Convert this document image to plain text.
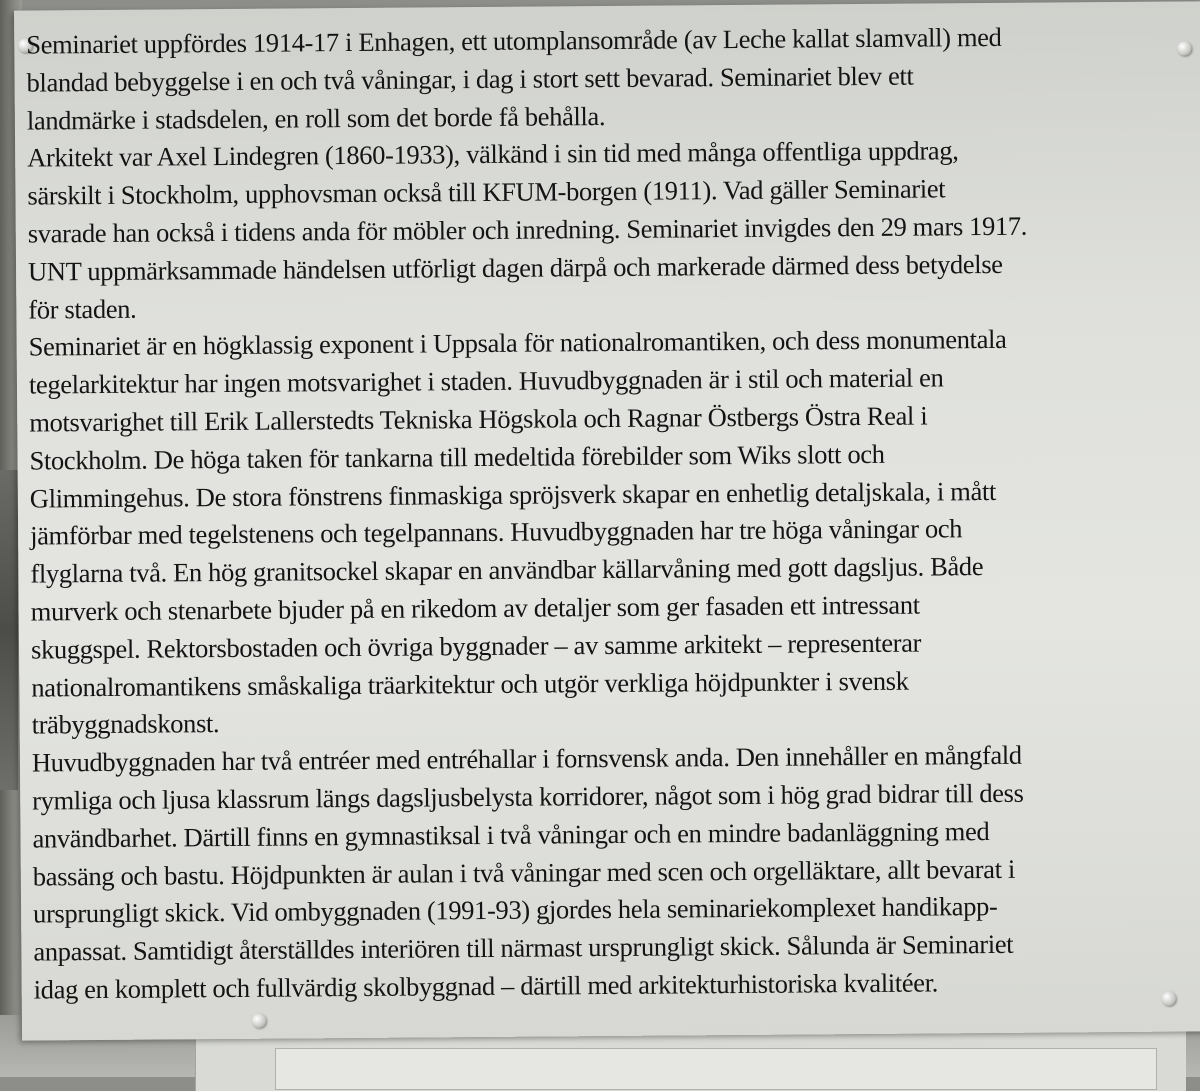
Seminariet uppfördes 1914-17 i Enhagen, ett utomplansområde (av Leche kallat slamvall) med
blandad bebyggelse i en och två våningar, i dag i stort sett bevarad. Seminariet blev ett
landmärke i stadsdelen, en roll som det borde få behålla.
Arkitekt var Axel Lindegren (1860-1933), välkänd i sin tid med många offentliga uppdrag,
särskilt i Stockholm, upphovsman också till KFUM-borgen (1911). Vad gäller Seminariet
svarade han också i tidens anda för möbler och inredning. Seminariet invigdes den 29 mars 1917.
UNT uppmärksammade händelsen utförligt dagen därpå och markerade därmed dess betydelse
för staden.
Seminariet är en högklassig exponent i Uppsala för nationalromantiken, och dess monumentala
tegelarkitektur har ingen motsvarighet i staden. Huvudbyggnaden är i stil och material en
motsvarighet till Erik Lallerstedts Tekniska Högskola och Ragnar Östbergs Östra Real i
Stockholm. De höga taken för tankarna till medeltida förebilder som Wiks slott och
Glimmingehus. De stora fönstrens finmaskiga spröjsverk skapar en enhetlig detaljskala, i mått
jämförbar med tegelstenens och tegelpannans. Huvudbyggnaden har tre höga våningar och
flyglarna två. En hög granitsockel skapar en användbar källarvåning med gott dagsljus. Både
murverk och stenarbete bjuder på en rikedom av detaljer som ger fasaden ett intressant
skuggspel. Rektorsbostaden och övriga byggnader – av samme arkitekt – representerar
nationalromantikens småskaliga träarkitektur och utgör verkliga höjdpunkter i svensk
träbyggnadskonst.
Huvudbyggnaden har två entréer med entréhallar i fornsvensk anda. Den innehåller en mångfald
rymliga och ljusa klassrum längs dagsljusbelysta korridorer, något som i hög grad bidrar till dess
användbarhet. Därtill finns en gymnastiksal i två våningar och en mindre badanläggning med
bassäng och bastu. Höjdpunkten är aulan i två våningar med scen och orgelläktare, allt bevarat i
ursprungligt skick. Vid ombyggnaden (1991-93) gjordes hela seminariekomplexet handikapp-
anpassat. Samtidigt återställdes interiören till närmast ursprungligt skick. Sålunda är Seminariet
idag en komplett och fullvärdig skolbyggnad – därtill med arkitekturhistoriska kvalitéer.
